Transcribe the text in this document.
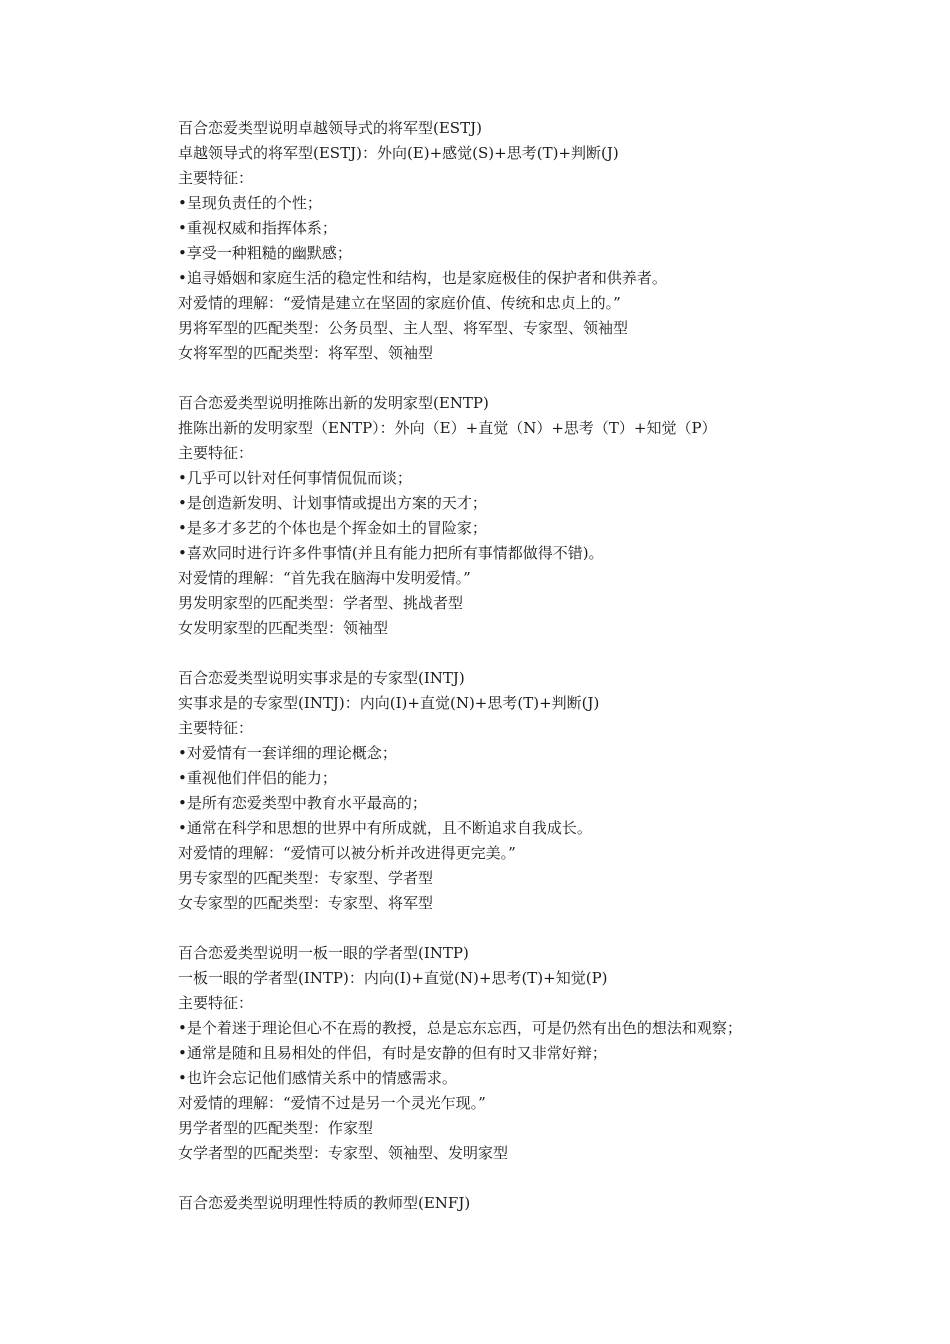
百合恋爱类型说明卓越领导式的将军型(ESTJ)
卓越领导式的将军型(ESTJ)：外向(E)+感觉(S)+思考(T)+判断(J)
主要特征：
•呈现负责任的个性；
•重视权威和指挥体系；
•享受一种粗糙的幽默感；
•追寻婚姻和家庭生活的稳定性和结构，也是家庭极佳的保护者和供养者。
对爱情的理解：“爱情是建立在坚固的家庭价值、传统和忠贞上的。”
男将军型的匹配类型：公务员型、主人型、将军型、专家型、领袖型
女将军型的匹配类型：将军型、领袖型
百合恋爱类型说明推陈出新的发明家型(ENTP)
推陈出新的发明家型（ENTP）：外向（E）+直觉（N）+思考（T）+知觉（P）
主要特征：
•几乎可以针对任何事情侃侃而谈；
•是创造新发明、计划事情或提出方案的天才；
•是多才多艺的个体也是个挥金如土的冒险家；
•喜欢同时进行许多件事情(并且有能力把所有事情都做得不错)。
对爱情的理解：“首先我在脑海中发明爱情。”
男发明家型的匹配类型：学者型、挑战者型
女发明家型的匹配类型：领袖型
百合恋爱类型说明实事求是的专家型(INTJ)
实事求是的专家型(INTJ)：内向(I)+直觉(N)+思考(T)+判断(J)
主要特征：
•对爱情有一套详细的理论概念；
•重视他们伴侣的能力；
•是所有恋爱类型中教育水平最高的；
•通常在科学和思想的世界中有所成就，且不断追求自我成长。
对爱情的理解：“爱情可以被分析并改进得更完美。”
男专家型的匹配类型：专家型、学者型
女专家型的匹配类型：专家型、将军型
百合恋爱类型说明一板一眼的学者型(INTP)
一板一眼的学者型(INTP)：内向(I)+直觉(N)+思考(T)+知觉(P)
主要特征：
•是个着迷于理论但心不在焉的教授，总是忘东忘西，可是仍然有出色的想法和观察；
•通常是随和且易相处的伴侣，有时是安静的但有时又非常好辩；
•也许会忘记他们感情关系中的情感需求。
对爱情的理解：“爱情不过是另一个灵光乍现。”
男学者型的匹配类型：作家型
女学者型的匹配类型：专家型、领袖型、发明家型
百合恋爱类型说明理性特质的教师型(ENFJ)
